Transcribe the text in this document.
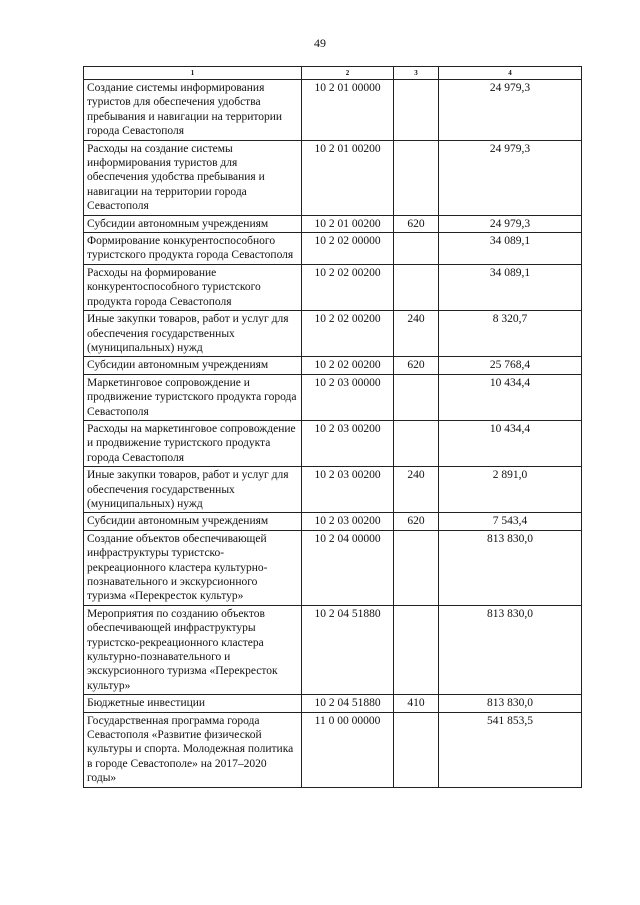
49
1	2	3	4
Создание системы информирования туристов для обеспечения удобства пребывания и навигации на территории города Севастополя	10 2 01 00000		24 979,3
Расходы на создание системы информирования туристов для обеспечения удобства пребывания и навигации на территории города Севастополя	10 2 01 00200		24 979,3
Субсидии автономным учреждениям	10 2 01 00200	620	24 979,3
Формирование конкурентоспособного туристского продукта города Севастополя	10 2 02 00000		34 089,1
Расходы на формирование конкурентоспособного туристского продукта города Севастополя	10 2 02 00200		34 089,1
Иные закупки товаров, работ и услуг для обеспечения государственных (муниципальных) нужд	10 2 02 00200	240	8 320,7
Субсидии автономным учреждениям	10 2 02 00200	620	25 768,4
Маркетинговое сопровождение и продвижение туристского продукта города Севастополя	10 2 03 00000		10 434,4
Расходы на маркетинговое сопровождение и продвижение туристского продукта города Севастополя	10 2 03 00200		10 434,4
Иные закупки товаров, работ и услуг для обеспечения государственных (муниципальных) нужд	10 2 03 00200	240	2 891,0
Субсидии автономным учреждениям	10 2 03 00200	620	7 543,4
Создание объектов обеспечивающей инфраструктуры туристско-рекреационного кластера культурно-познавательного и экскурсионного туризма «Перекресток культур»	10 2 04 00000		813 830,0
Мероприятия по созданию объектов обеспечивающей инфраструктуры туристско-рекреационного кластера культурно-познавательного и экскурсионного туризма «Перекресток культур»	10 2 04 51880		813 830,0
Бюджетные инвестиции	10 2 04 51880	410	813 830,0
Государственная программа города Севастополя «Развитие физической культуры и спорта. Молодежная политика в городе Севастополе» на 2017–2020 годы»	11 0 00 00000		541 853,5
